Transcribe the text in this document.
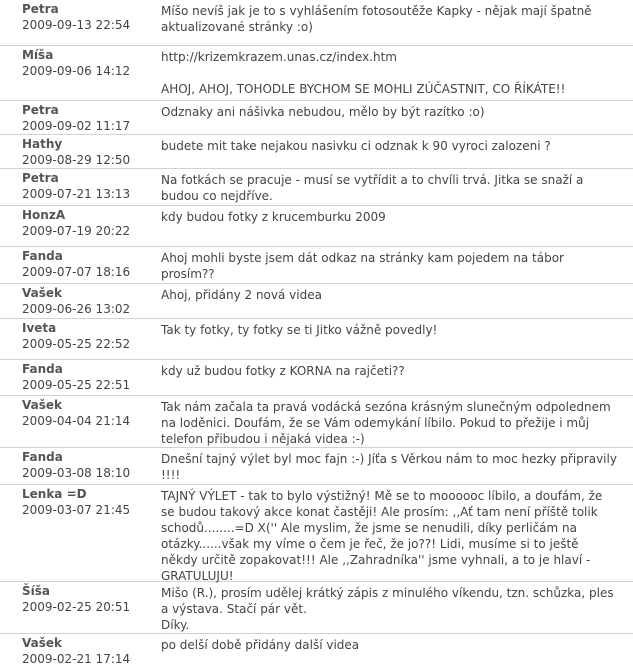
Petra
2009-09-13 22:54
Míšo nevíš jak je to s vyhlášením fotosoutěže Kapky - nějak mají špatně aktualizované stránky :o)
Míša
2009-09-06 14:12
http://krizemkrazem.unas.cz/index.htm

AHOJ, AHOJ, TOHODLE BYCHOM SE MOHLI ZÚČASTNIT, CO ŘÍKÁTE!!
Petra
2009-09-02 11:17
Odznaky ani nášivka nebudou, mělo by být razítko :o)
Hathy
2009-08-29 12:50
budete mit take nejakou nasivku ci odznak k 90 vyroci zalozeni ?
Petra
2009-07-21 13:13
Na fotkách se pracuje - musí se vytřídit a to chvíli trvá. Jitka se snaží a budou co nejdříve.
HonzA
2009-07-19 20:22
kdy budou fotky z krucemburku 2009
Fanda
2009-07-07 18:16
Ahoj mohli byste jsem dát odkaz na stránky kam pojedem na tábor prosím??
Vašek
2009-06-26 13:02
Ahoj, přidány 2 nová videa
Iveta
2009-05-25 22:52
Tak ty fotky, ty fotky se ti Jitko vážně povedly!
Fanda
2009-05-25 22:51
kdy už budou fotky z KORNA na rajčeti??
Vašek
2009-04-04 21:14
Tak nám začala ta pravá vodácká sezóna krásným slunečným odpolednem na loděnici. Doufám, že se Vám odemykání líbilo. Pokud to přežije i můj telefon přibudou i nějaká videa :-)
Fanda
2009-03-08 18:10
Dnešní tajný výlet byl moc fajn :-) Jíťa s Věrkou nám to moc hezky připravily !!!!
Lenka =D
2009-03-07 21:45
TAJNÝ VÝLET - tak to bylo výstižný! Mě se to moooooc líbilo, a doufám, že se budou takový akce konat častěji! Ale prosím: ,,Ať tam není příště tolik schodů........=D X('' Ale myslim, že jsme se nenudili, díky perličám na otázky......však my víme o čem je řeč, že jo??! Lidi, musíme si to ještě někdy určitě zopakovat!!! Ale ,,Zahradníka'' jsme vyhnali, a to je hlaví - GRATULUJU!
Šíša
2009-02-25 20:51
Mišo (R.), prosím udělej krátký zápis z minulého víkendu, tzn. schůzka, ples a výstava. Stačí pár vět.
Díky.
Vašek
2009-02-21 17:14
po delší době přidány další videa
